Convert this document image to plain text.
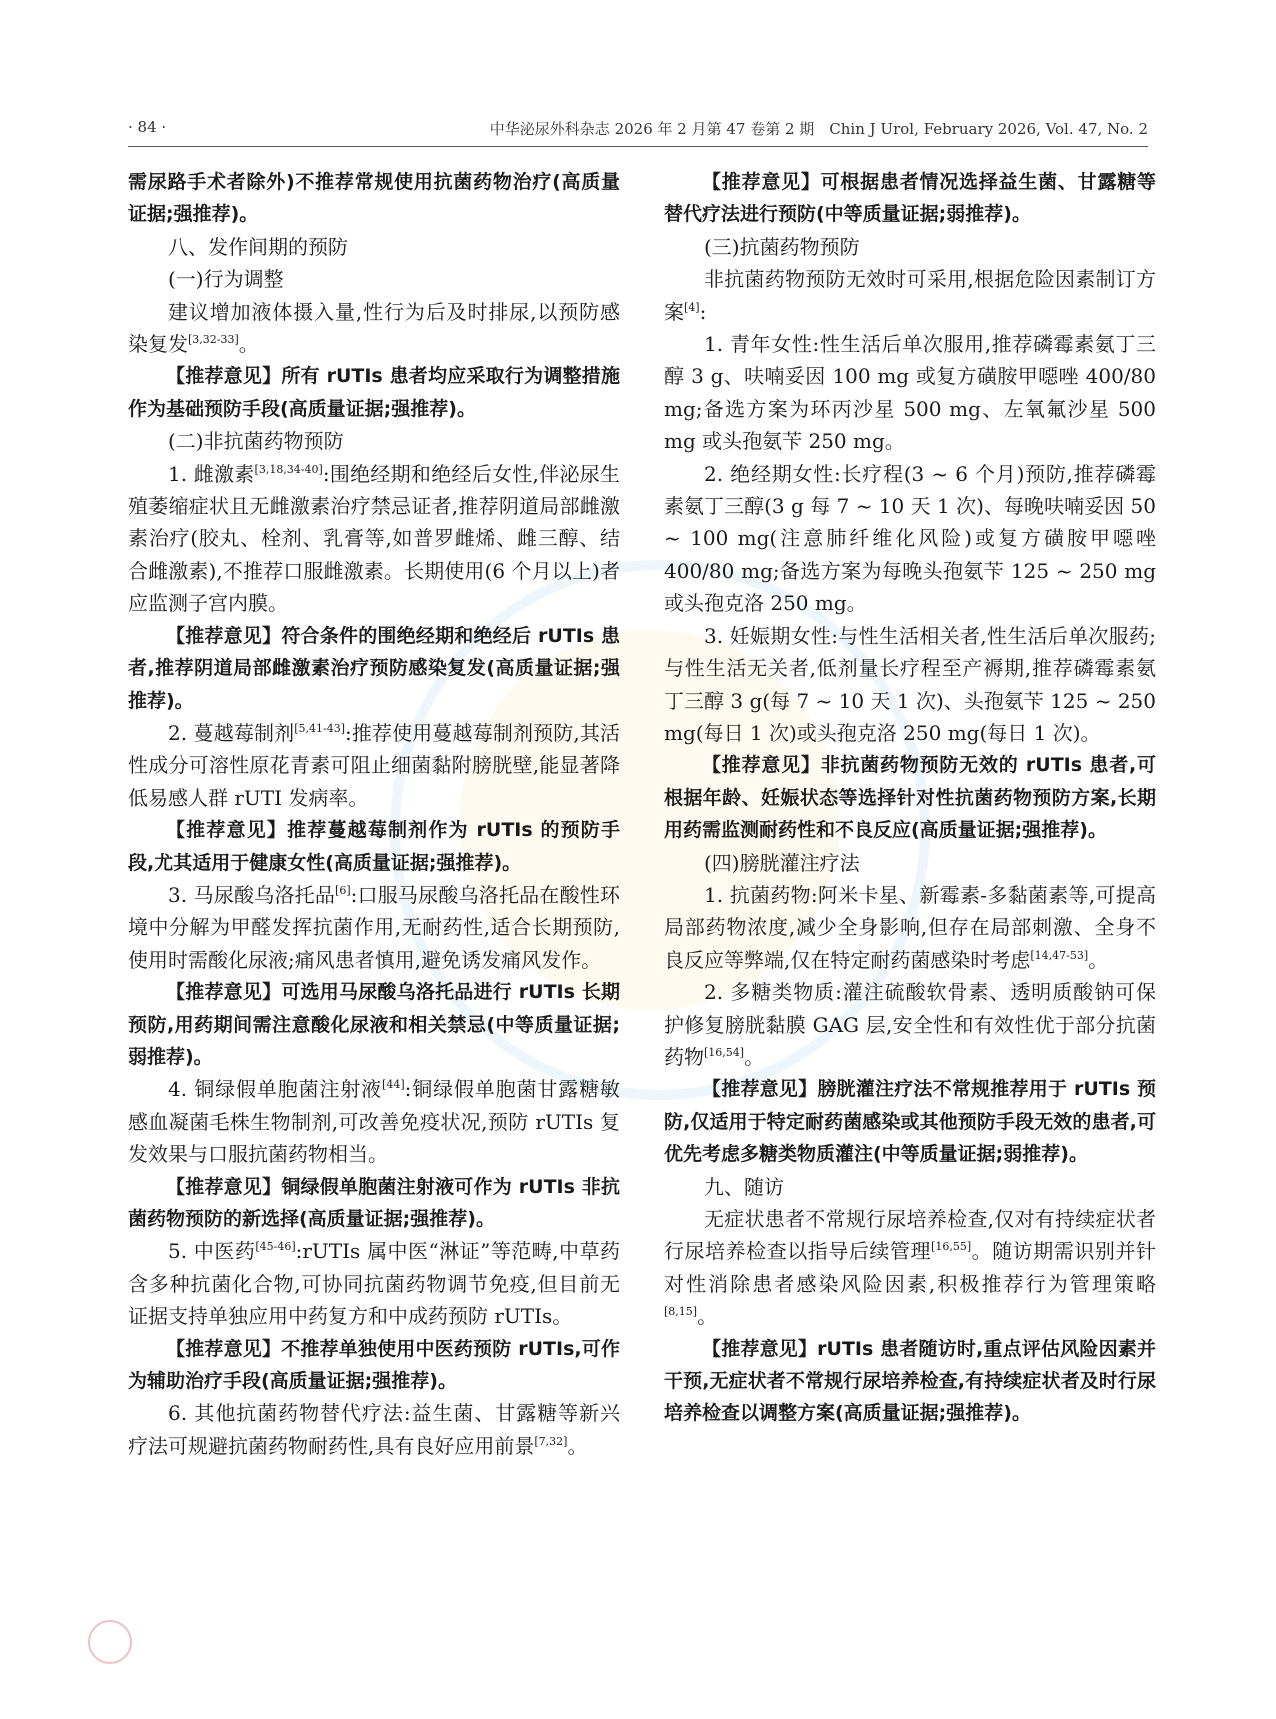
· 84 ·	中华泌尿外科杂志 2026 年 2 月第 47 卷第 2 期　Chin J Urol, February 2026, Vol. 47, No. 2

需尿路手术者除外)不推荐常规使用抗菌药物治疗(高质量证据;强推荐)。

八、发作间期的预防

(一)行为调整

建议增加液体摄入量,性行为后及时排尿,以预防感染复发[3,32-33]。

【推荐意见】所有 rUTIs 患者均应采取行为调整措施作为基础预防手段(高质量证据;强推荐)。

(二)非抗菌药物预防

1. 雌激素[3,18,34-40]:围绝经期和绝经后女性,伴泌尿生殖萎缩症状且无雌激素治疗禁忌证者,推荐阴道局部雌激素治疗(胶丸、栓剂、乳膏等,如普罗雌烯、雌三醇、结合雌激素),不推荐口服雌激素。长期使用(6 个月以上)者应监测子宫内膜。

【推荐意见】符合条件的围绝经期和绝经后 rUTIs 患者,推荐阴道局部雌激素治疗预防感染复发(高质量证据;强推荐)。

2. 蔓越莓制剂[5,41-43]:推荐使用蔓越莓制剂预防,其活性成分可溶性原花青素可阻止细菌黏附膀胱壁,能显著降低易感人群 rUTI 发病率。

【推荐意见】推荐蔓越莓制剂作为 rUTIs 的预防手段,尤其适用于健康女性(高质量证据;强推荐)。

3. 马尿酸乌洛托品[6]:口服马尿酸乌洛托品在酸性环境中分解为甲醛发挥抗菌作用,无耐药性,适合长期预防,使用时需酸化尿液;痛风患者慎用,避免诱发痛风发作。

【推荐意见】可选用马尿酸乌洛托品进行 rUTIs 长期预防,用药期间需注意酸化尿液和相关禁忌(中等质量证据;弱推荐)。

4. 铜绿假单胞菌注射液[44]:铜绿假单胞菌甘露糖敏感血凝菌毛株生物制剂,可改善免疫状况,预防 rUTIs 复发效果与口服抗菌药物相当。

【推荐意见】铜绿假单胞菌注射液可作为 rUTIs 非抗菌药物预防的新选择(高质量证据;强推荐)。

5. 中医药[45-46]:rUTIs 属中医“淋证”等范畴,中草药含多种抗菌化合物,可协同抗菌药物调节免疫,但目前无证据支持单独应用中药复方和中成药预防 rUTIs。

【推荐意见】不推荐单独使用中医药预防 rUTIs,可作为辅助治疗手段(高质量证据;强推荐)。

6. 其他抗菌药物替代疗法:益生菌、甘露糖等新兴疗法可规避抗菌药物耐药性,具有良好应用前景[7,32]。

【推荐意见】可根据患者情况选择益生菌、甘露糖等替代疗法进行预防(中等质量证据;弱推荐)。

(三)抗菌药物预防

非抗菌药物预防无效时可采用,根据危险因素制订方案[4]:

1. 青年女性:性生活后单次服用,推荐磷霉素氨丁三醇 3 g、呋喃妥因 100 mg 或复方磺胺甲噁唑 400/80 mg;备选方案为环丙沙星 500 mg、左氧氟沙星 500 mg 或头孢氨苄 250 mg。

2. 绝经期女性:长疗程(3 ~ 6 个月)预防,推荐磷霉素氨丁三醇(3 g 每 7 ~ 10 天 1 次)、每晚呋喃妥因 50 ~ 100 mg(注意肺纤维化风险)或复方磺胺甲噁唑 400/80 mg;备选方案为每晚头孢氨苄 125 ~ 250 mg 或头孢克洛 250 mg。

3. 妊娠期女性:与性生活相关者,性生活后单次服药;与性生活无关者,低剂量长疗程至产褥期,推荐磷霉素氨丁三醇 3 g(每 7 ~ 10 天 1 次)、头孢氨苄 125 ~ 250 mg(每日 1 次)或头孢克洛 250 mg(每日 1 次)。

【推荐意见】非抗菌药物预防无效的 rUTIs 患者,可根据年龄、妊娠状态等选择针对性抗菌药物预防方案,长期用药需监测耐药性和不良反应(高质量证据;强推荐)。

(四)膀胱灌注疗法

1. 抗菌药物:阿米卡星、新霉素-多黏菌素等,可提高局部药物浓度,减少全身影响,但存在局部刺激、全身不良反应等弊端,仅在特定耐药菌感染时考虑[14,47-53]。

2. 多糖类物质:灌注硫酸软骨素、透明质酸钠可保护修复膀胱黏膜 GAG 层,安全性和有效性优于部分抗菌药物[16,54]。

【推荐意见】膀胱灌注疗法不常规推荐用于 rUTIs 预防,仅适用于特定耐药菌感染或其他预防手段无效的患者,可优先考虑多糖类物质灌注(中等质量证据;弱推荐)。

九、随访

无症状患者不常规行尿培养检查,仅对有持续症状者行尿培养检查以指导后续管理[16,55]。随访期需识别并针对性消除患者感染风险因素,积极推荐行为管理策略[8,15]。

【推荐意见】rUTIs 患者随访时,重点评估风险因素并干预,无症状者不常规行尿培养检查,有持续症状者及时行尿培养检查以调整方案(高质量证据;强推荐)。
